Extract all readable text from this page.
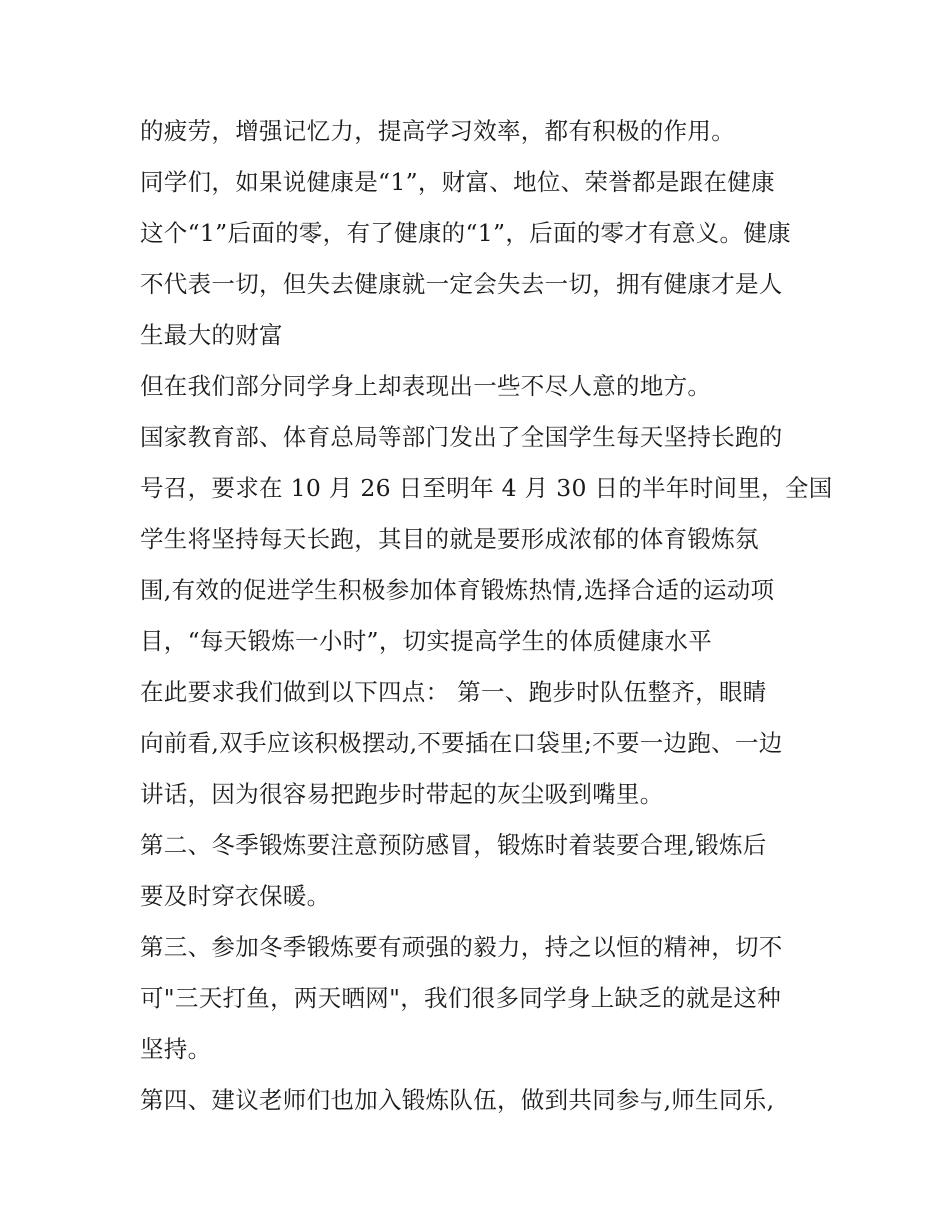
的疲劳，增强记忆力，提高学习效率，都有积极的作用。
同学们，如果说健康是“1”，财富、地位、荣誉都是跟在健康
这个“1”后面的零，有了健康的“1”，后面的零才有意义。健康
不代表一切，但失去健康就一定会失去一切，拥有健康才是人
生最大的财富
但在我们部分同学身上却表现出一些不尽人意的地方。
国家教育部、体育总局等部门发出了全国学生每天坚持长跑的
号召，要求在 10 月 26 日至明年 4 月 30 日的半年时间里，全国
学生将坚持每天长跑，其目的就是要形成浓郁的体育锻炼氛
围,有效的促进学生积极参加体育锻炼热情,选择合适的运动项
目，“每天锻炼一小时”，切实提高学生的体质健康水平
在此要求我们做到以下四点： 第一、跑步时队伍整齐，眼睛
向前看,双手应该积极摆动,不要插在口袋里;不要一边跑、一边
讲话，因为很容易把跑步时带起的灰尘吸到嘴里。
第二、冬季锻炼要注意预防感冒，锻炼时着装要合理,锻炼后
要及时穿衣保暖。
第三、参加冬季锻炼要有顽强的毅力，持之以恒的精神，切不
可"三天打鱼，两天晒网"，我们很多同学身上缺乏的就是这种
坚持。
第四、建议老师们也加入锻炼队伍，做到共同参与,师生同乐,
